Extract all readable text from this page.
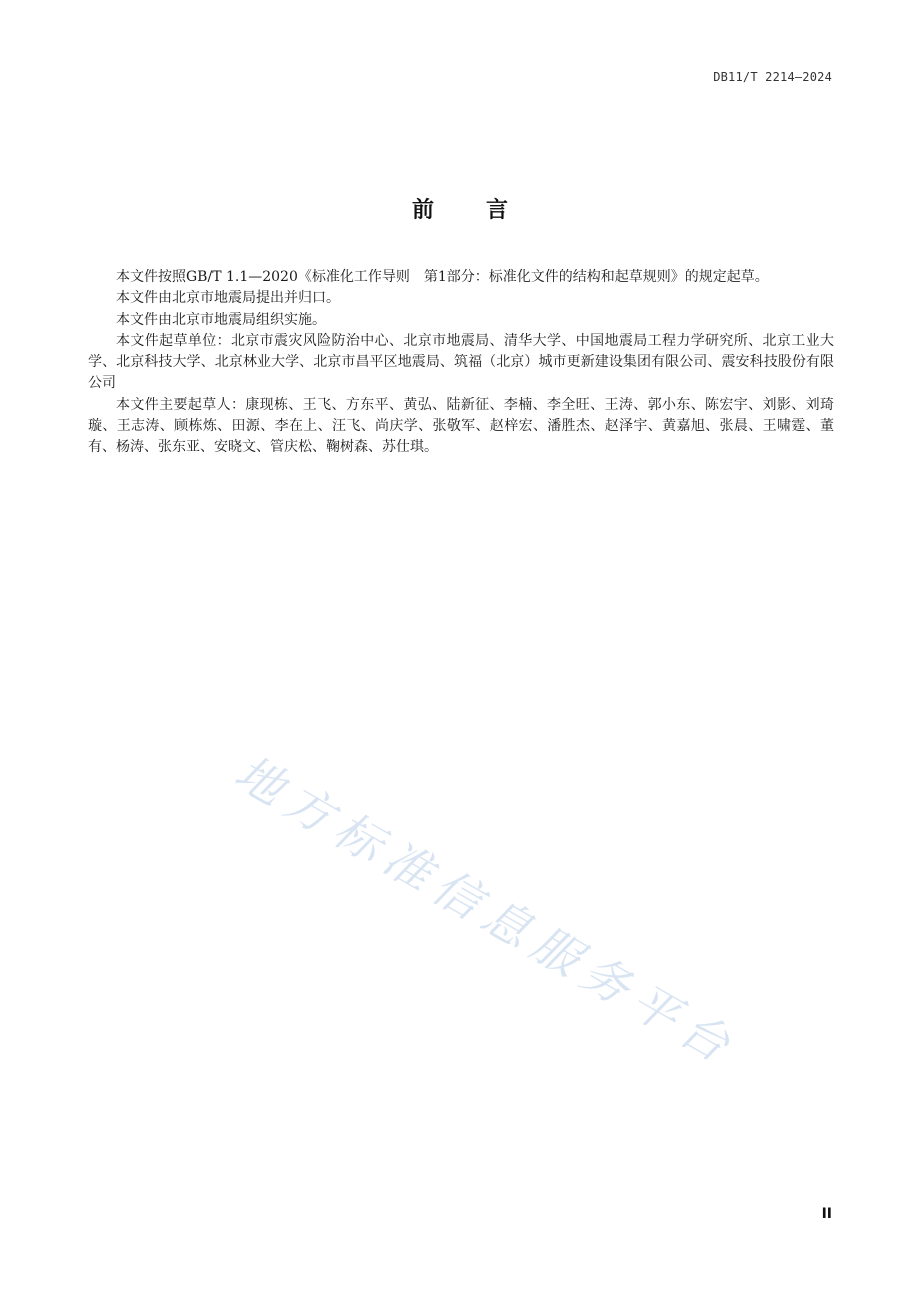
DB11/T 2214—2024
前言

本文件按照GB/T 1.1—2020《标准化工作导则　第1部分：标准化文件的结构和起草规则》的规定起草。

本文件由北京市地震局提出并归口。

本文件由北京市地震局组织实施。

本文件起草单位：北京市震灾风险防治中心、北京市地震局、清华大学、中国地震局工程力学研究所、北京工业大学、北京科技大学、北京林业大学、北京市昌平区地震局、筑福（北京）城市更新建设集团有限公司、震安科技股份有限公司

本文件主要起草人：康现栋、王飞、方东平、黄弘、陆新征、李楠、李全旺、王涛、郭小东、陈宏宇、刘影、刘琦璇、王志涛、顾栋炼、田源、李在上、汪飞、尚庆学、张敬军、赵梓宏、潘胜杰、赵泽宇、黄嘉旭、张晨、王啸霆、董有、杨涛、张东亚、安晓文、管庆松、鞠树森、苏仕琪。

地方标准信息服务平台
II
